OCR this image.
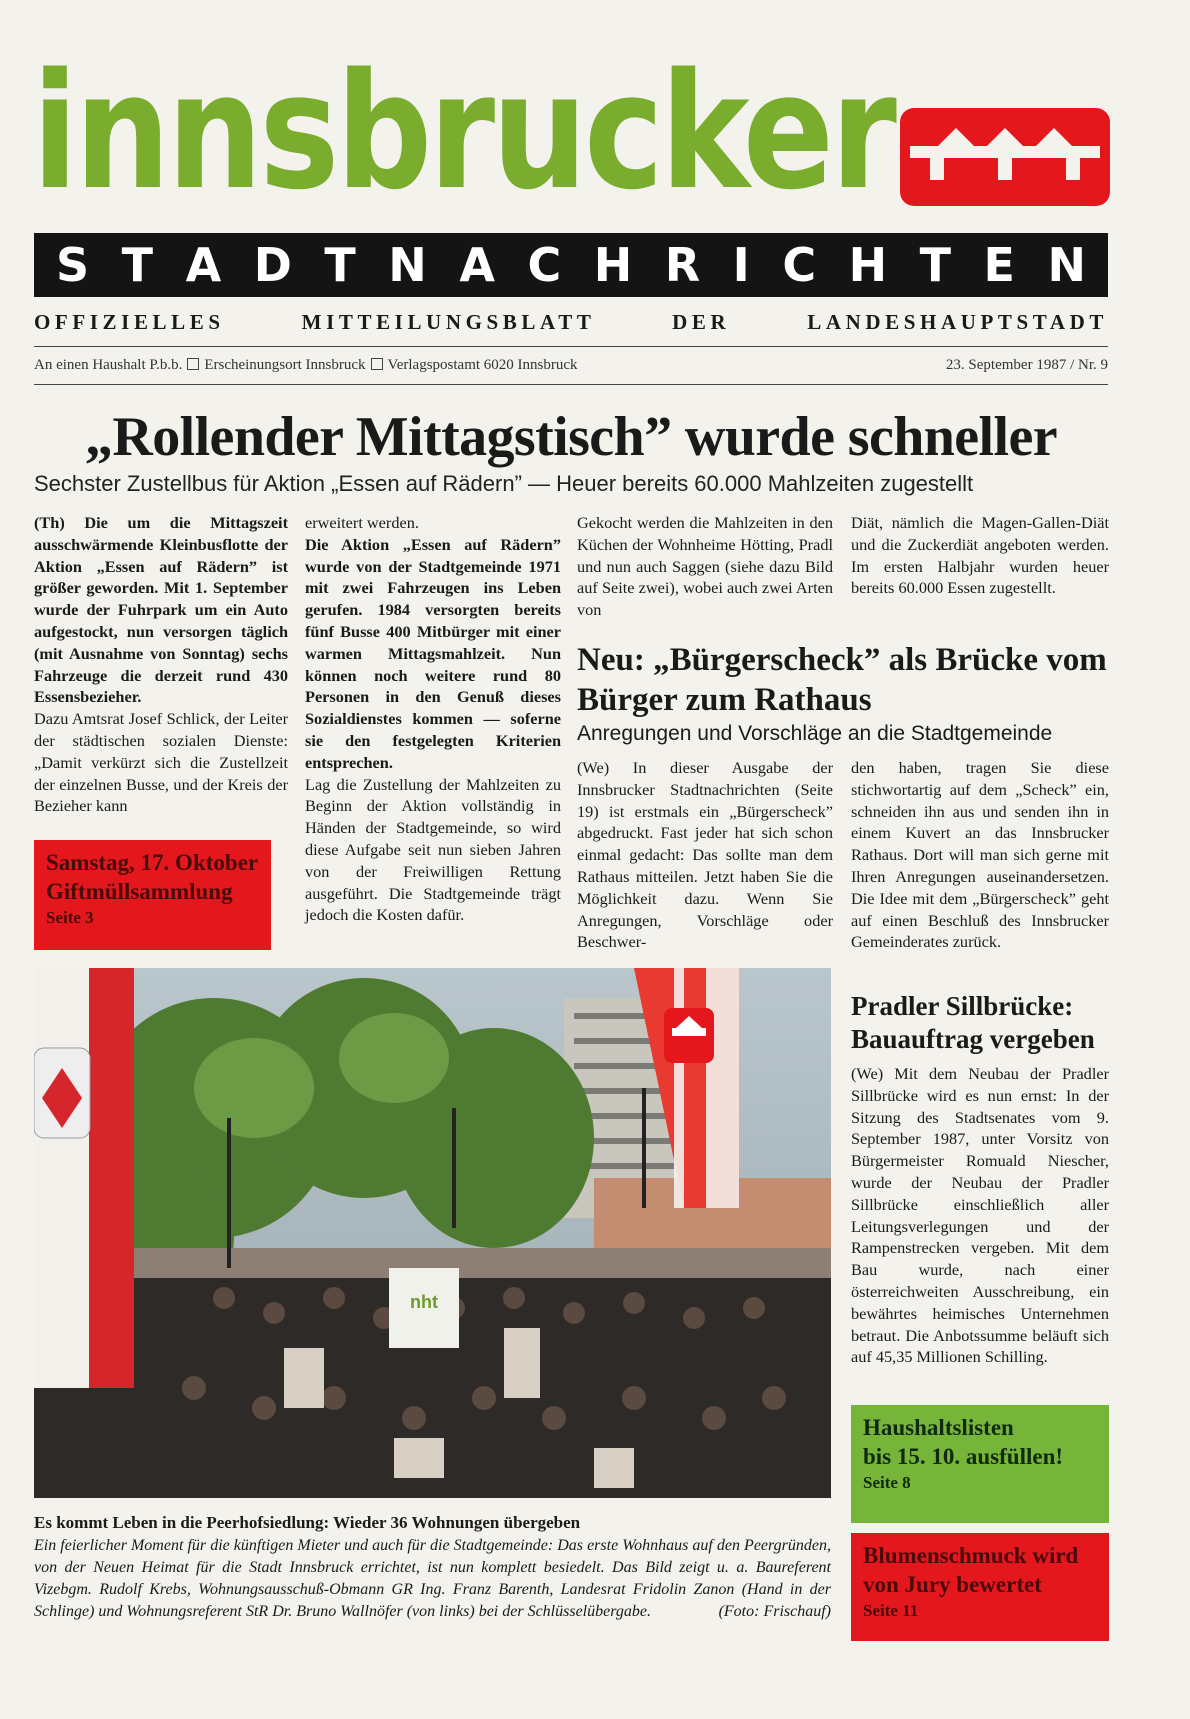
innsbrucker
S T A D T N A C H R I C H T E N
OFFIZIELLES MITTEILUNGSBLATT DER LANDESHAUPTSTADT
An einen Haushalt P.b.b. Erscheinungsort Innsbruck Verlagspostamt 6020 Innsbruck	23. September 1987 / Nr. 9
„Rollender Mittagstisch” wurde schneller
Sechster Zustellbus für Aktion „Essen auf Rädern” — Heuer bereits 60.000 Mahlzeiten zugestellt

(Th) Die um die Mittagszeit ausschwärmende Kleinbusflotte der Aktion „Essen auf Rädern” ist größer geworden. Mit 1. September wurde der Fuhrpark um ein Auto aufgestockt, nun versorgen täglich (mit Ausnahme von Sonntag) sechs Fahrzeuge die derzeit rund 430 Essensbezieher.

Dazu Amtsrat Josef Schlick, der Leiter der städtischen sozialen Dienste: „Damit verkürzt sich die Zustellzeit der einzelnen Busse, und der Kreis der Bezieher kann

Samstag, 17. Oktober
Giftmüllsammlung
Seite 3

erweitert werden.

Die Aktion „Essen auf Rädern” wurde von der Stadtgemeinde 1971 mit zwei Fahrzeugen ins Leben gerufen. 1984 versorgten bereits fünf Busse 400 Mitbürger mit einer warmen Mittagsmahlzeit. Nun können noch weitere rund 80 Personen in den Genuß dieses Sozialdienstes kommen — soferne sie den festgelegten Kriterien entsprechen.

Lag die Zustellung der Mahlzeiten zu Beginn der Aktion vollständig in Händen der Stadtgemeinde, so wird diese Aufgabe seit nun sieben Jahren von der Freiwilligen Rettung ausgeführt. Die Stadtgemeinde trägt jedoch die Kosten dafür.

Gekocht werden die Mahlzeiten in den Küchen der Wohnheime Hötting, Pradl und nun auch Saggen (siehe dazu Bild auf Seite zwei), wobei auch zwei Arten von
Diät, nämlich die Magen-Gallen-Diät und die Zuckerdiät angeboten werden. Im ersten Halbjahr wurden heuer bereits 60.000 Essen zugestellt.
Neu: „Bürgerscheck” als Brücke vom Bürger zum Rathaus
Anregungen und Vorschläge an die Stadtgemeinde
(We) In dieser Ausgabe der Innsbrucker Stadtnachrichten (Seite 19) ist erstmals ein „Bürgerscheck” abgedruckt. Fast jeder hat sich schon einmal gedacht: Das sollte man dem Rathaus mitteilen. Jetzt haben Sie die Möglichkeit dazu. Wenn Sie Anregungen, Vorschläge oder Beschwer-
den haben, tragen Sie diese stichwortartig auf dem „Scheck” ein, schneiden ihn aus und senden ihn in einem Kuvert an das Innsbrucker Rathaus. Dort will man sich gerne mit Ihren Anregungen auseinandersetzen. Die Idee mit dem „Bürgerscheck” geht auf einen Beschluß des Innsbrucker Gemeinderates zurück.
Pradler Sillbrücke: Bauauftrag vergeben
(We) Mit dem Neubau der Pradler Sillbrücke wird es nun ernst: In der Sitzung des Stadtsenates vom 9. September 1987, unter Vorsitz von Bürgermeister Romuald Niescher, wurde der Neubau der Pradler Sillbrücke einschließlich aller Leitungsverlegungen und der Rampenstrecken vergeben. Mit dem Bau wurde, nach einer österreichweiten Ausschreibung, ein bewährtes heimisches Unternehmen betraut. Die Anbotssumme beläuft sich auf 45,35 Millionen Schilling.
Haushaltslisten
bis 15. 10. ausfüllen!
Seite 8
Blumenschmuck wird
von Jury bewertet
Seite 11
nht
Es kommt Leben in die Peerhofsiedlung: Wieder 36 Wohnungen übergeben
Ein feierlicher Moment für die künftigen Mieter und auch für die Stadtgemeinde: Das erste Wohnhaus auf den Peergründen, von der Neuen Heimat für die Stadt Innsbruck errichtet, ist nun komplett besiedelt. Das Bild zeigt u. a. Baureferent Vizebgm. Rudolf Krebs, Wohnungsausschuß-Obmann GR Ing. Franz Barenth, Landesrat Fridolin Zanon (Hand in der Schlinge) und Wohnungsreferent StR Dr. Bruno Wallnöfer (von links) bei der Schlüsselübergabe.	(Foto: Frischauf)
